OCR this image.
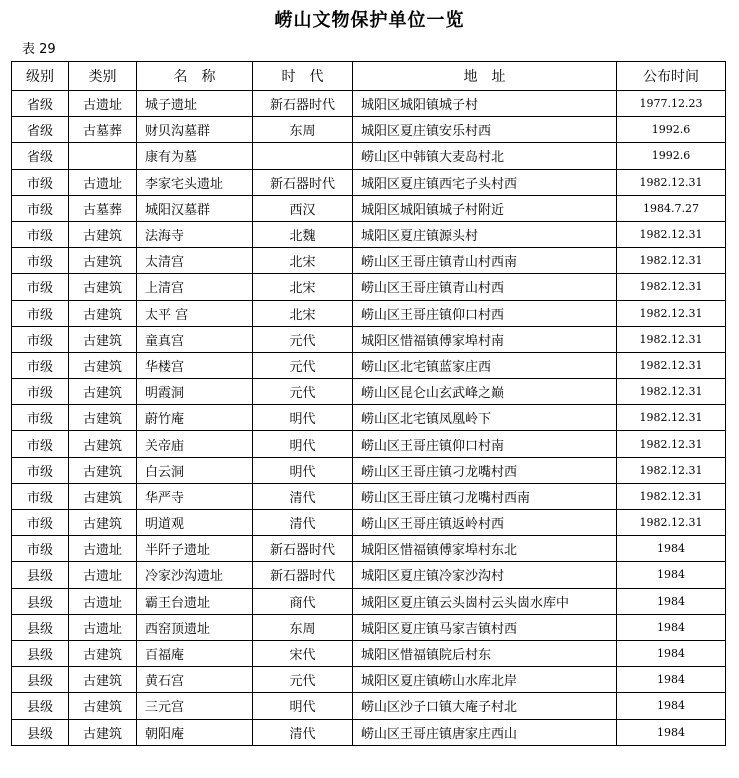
崂山文物保护单位一览
表 29
级别	类别	名　称	时　代	地　址	公布时间
省级	古遗址	城子遗址	新石器时代	城阳区城阳镇城子村	1977.12.23
省级	古墓葬	财贝沟墓群	东周	城阳区夏庄镇安乐村西	1992.6
省级		康有为墓		崂山区中韩镇大麦岛村北	1992.6
市级	古遗址	李家宅头遗址	新石器时代	城阳区夏庄镇西宅子头村西	1982.12.31
市级	古墓葬	城阳汉墓群	西汉	城阳区城阳镇城子村附近	1984.7.27
市级	古建筑	法海寺	北魏	城阳区夏庄镇源头村	1982.12.31
市级	古建筑	太清宫	北宋	崂山区王哥庄镇青山村西南	1982.12.31
市级	古建筑	上清宫	北宋	崂山区王哥庄镇青山村西	1982.12.31
市级	古建筑	太平 宫	北宋	崂山区王哥庄镇仰口村西	1982.12.31
市级	古建筑	童真宫	元代	城阳区惜福镇傅家埠村南	1982.12.31
市级	古建筑	华楼宫	元代	崂山区北宅镇蓝家庄西	1982.12.31
市级	古建筑	明霞洞	元代	崂山区昆仑山玄武峰之巅	1982.12.31
市级	古建筑	蔚竹庵	明代	崂山区北宅镇凤凰岭下	1982.12.31
市级	古建筑	关帝庙	明代	崂山区王哥庄镇仰口村南	1982.12.31
市级	古建筑	白云洞	明代	崂山区王哥庄镇刁龙嘴村西	1982.12.31
市级	古建筑	华严寺	清代	崂山区王哥庄镇刁龙嘴村西南	1982.12.31
市级	古建筑	明道观	清代	崂山区王哥庄镇返岭村西	1982.12.31
市级	古遗址	半阡子遗址	新石器时代	城阳区惜福镇傅家埠村东北	1984
县级	古遗址	冷家沙沟遗址	新石器时代	城阳区夏庄镇冷家沙沟村	1984
县级	古遗址	霸王台遗址	商代	城阳区夏庄镇云头崮村云头崮水库中	1984
县级	古遗址	西窑顶遗址	东周	城阳区夏庄镇马家吉镇村西	1984
县级	古建筑	百福庵	宋代	城阳区惜福镇院后村东	1984
县级	古建筑	黄石宫	元代	城阳区夏庄镇崂山水库北岸	1984
县级	古建筑	三元宫	明代	崂山区沙子口镇大庵子村北	1984
县级	古建筑	朝阳庵	清代	崂山区王哥庄镇唐家庄西山	1984
